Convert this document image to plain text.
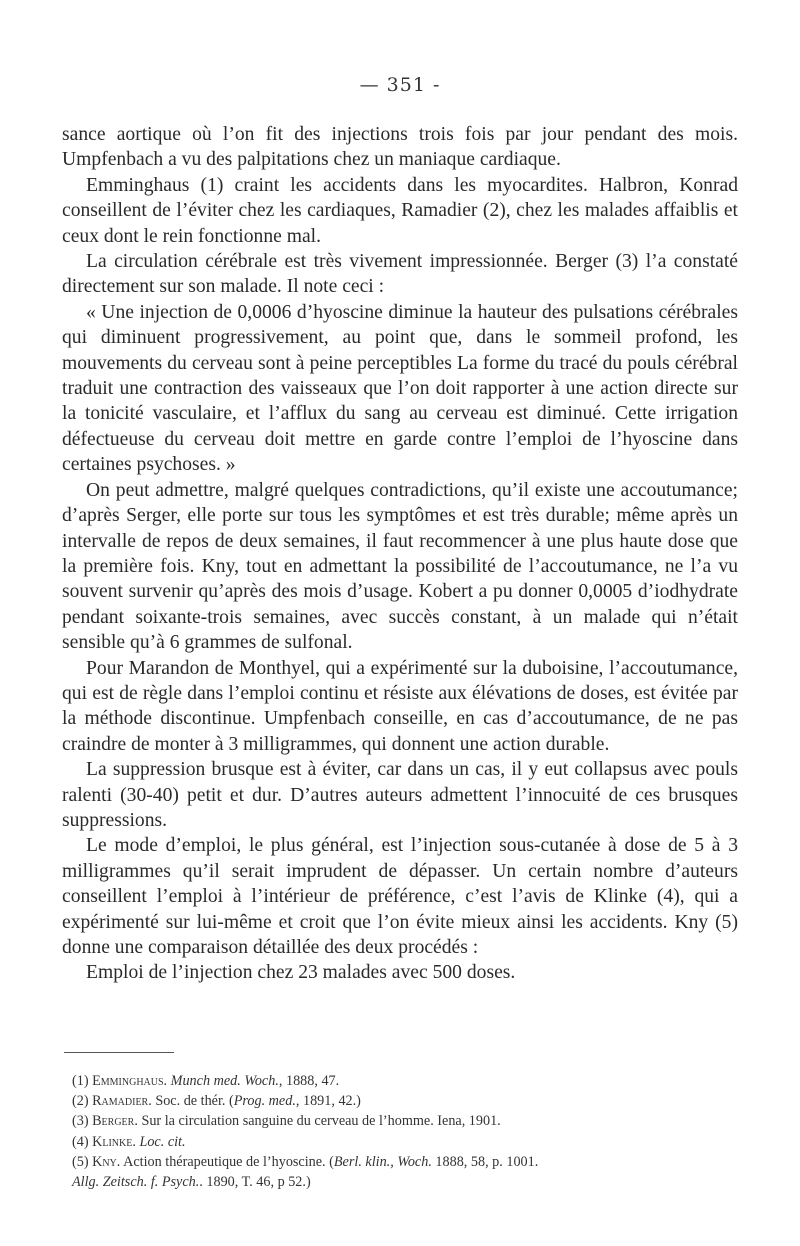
— 351 -

sance aortique où l’on fit des injections trois fois par jour pendant des mois. Umpfenbach a vu des palpitations chez un maniaque cardiaque.

Emminghaus (1) craint les accidents dans les myocardites. Halbron, Konrad conseillent de l’éviter chez les cardiaques, Ramadier (2), chez les malades affaiblis et ceux dont le rein fonctionne mal.

La circulation cérébrale est très vivement impressionnée. Berger (3) l’a constaté directement sur son malade. Il note ceci :

« Une injection de 0,0006 d’hyoscine diminue la hauteur des pulsations cérébrales qui diminuent progressivement, au point que, dans le sommeil profond, les mouvements du cerveau sont à peine perceptibles La forme du tracé du pouls cérébral traduit une contraction des vaisseaux que l’on doit rapporter à une action directe sur la tonicité vasculaire, et l’afflux du sang au cerveau est diminué. Cette irrigation défectueuse du cerveau doit mettre en garde contre l’emploi de l’hyoscine dans certaines psychoses. »

On peut admettre, malgré quelques contradictions, qu’il existe une accoutumance; d’après Serger, elle porte sur tous les symptômes et est très durable; même après un intervalle de repos de deux semaines, il faut recommencer à une plus haute dose que la première fois. Kny, tout en admettant la possibilité de l’accoutumance, ne l’a vu souvent survenir qu’après des mois d’usage. Kobert a pu donner 0,0005 d’iodhydrate pendant soixante-trois semaines, avec succès constant, à un malade qui n’était sensible qu’à 6 grammes de sulfonal.

Pour Marandon de Monthyel, qui a expérimenté sur la duboisine, l’accoutumance, qui est de règle dans l’emploi continu et résiste aux élévations de doses, est évitée par la méthode discontinue. Umpfenbach conseille, en cas d’accoutumance, de ne pas craindre de monter à 3 milligrammes, qui donnent une action durable.

La suppression brusque est à éviter, car dans un cas, il y eut collapsus avec pouls ralenti (30-40) petit et dur. D’autres auteurs admettent l’innocuité de ces brusques suppressions.

Le mode d’emploi, le plus général, est l’injection sous-cutanée à dose de 5 à 3 milligrammes qu’il serait imprudent de dépasser. Un certain nombre d’auteurs conseillent l’emploi à l’intérieur de préférence, c’est l’avis de Klinke (4), qui a expérimenté sur lui-même et croit que l’on évite mieux ainsi les accidents. Kny (5) donne une comparaison détaillée des deux procédés :

Emploi de l’injection chez 23 malades avec 500 doses.

(1) Emminghaus. Munch med. Woch., 1888, 47.

(2) Ramadier. Soc. de thér. (Prog. med., 1891, 42.)

(3) Berger. Sur la circulation sanguine du cerveau de l’homme. Iena, 1901.

(4) Klinke. Loc. cit.

(5) Kny. Action thérapeutique de l’hyoscine. (Berl. klin., Woch. 1888, 58, p. 1001.
Allg. Zeitsch. f. Psych.. 1890, T. 46, p 52.)
